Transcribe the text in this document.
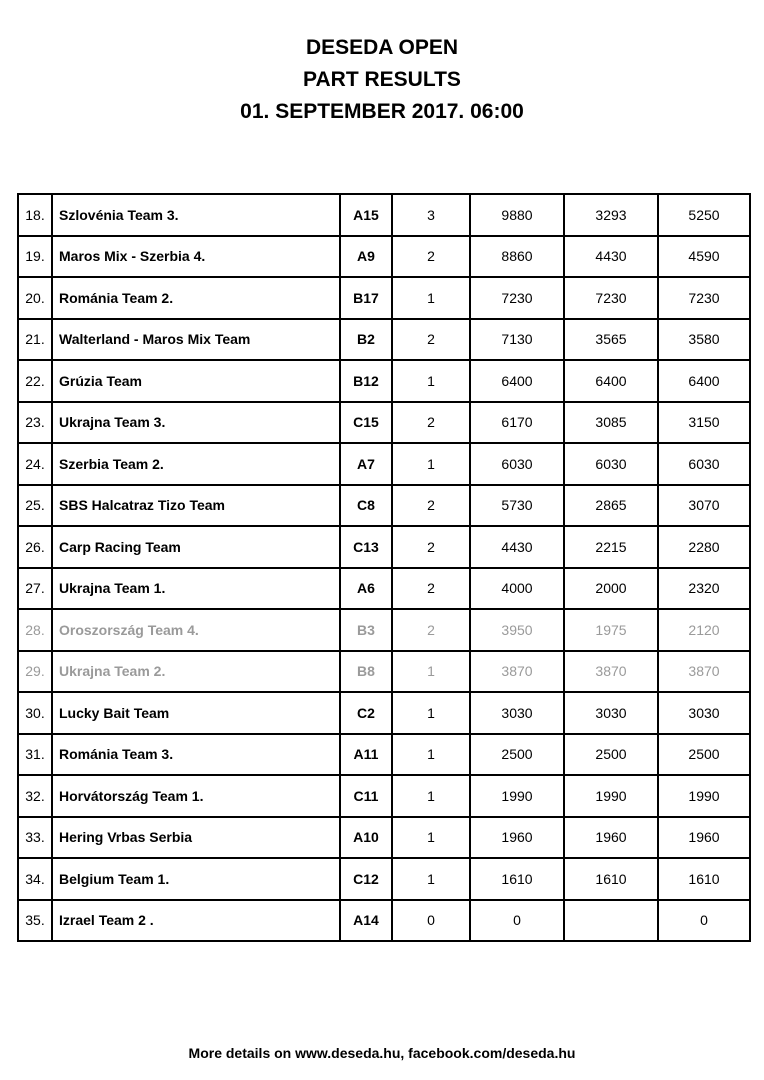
DESEDA OPEN
PART RESULTS
01. SEPTEMBER 2017. 06:00
18.	Szlovénia Team 3.	A15	3	9880	3293	5250
19.	Maros Mix - Szerbia 4.	A9	2	8860	4430	4590
20.	Románia Team 2.	B17	1	7230	7230	7230
21.	Walterland - Maros Mix Team	B2	2	7130	3565	3580
22.	Grúzia Team	B12	1	6400	6400	6400
23.	Ukrajna Team 3.	C15	2	6170	3085	3150
24.	Szerbia Team 2.	A7	1	6030	6030	6030
25.	SBS Halcatraz Tizo Team	C8	2	5730	2865	3070
26.	Carp Racing Team	C13	2	4430	2215	2280
27.	Ukrajna Team 1.	A6	2	4000	2000	2320
28.	Oroszország Team 4.	B3	2	3950	1975	2120
29.	Ukrajna Team 2.	B8	1	3870	3870	3870
30.	Lucky Bait Team	C2	1	3030	3030	3030
31.	Románia Team 3.	A11	1	2500	2500	2500
32.	Horvátország Team 1.	C11	1	1990	1990	1990
33.	Hering Vrbas Serbia	A10	1	1960	1960	1960
34.	Belgium Team 1.	C12	1	1610	1610	1610
35.	Izrael Team 2 .	A14	0	0		0
More details on www.deseda.hu, facebook.com/deseda.hu
